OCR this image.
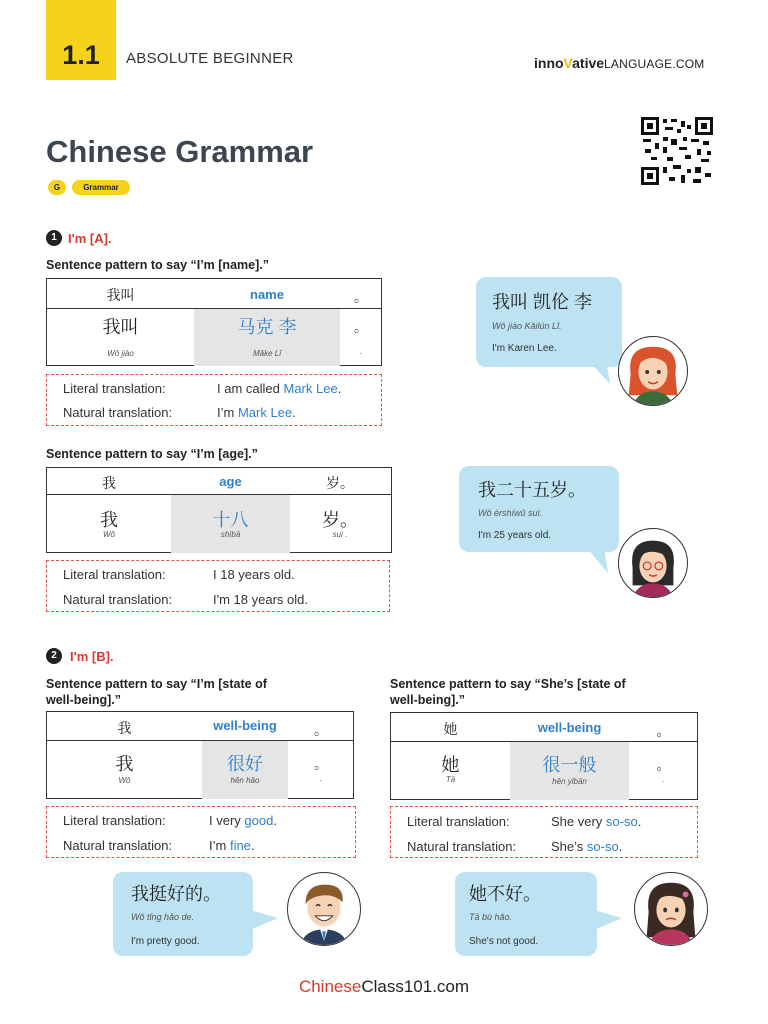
1.1	ABSOLUTE BEGINNER	innoVativeLANGUAGE.COM
Chinese Grammar
G	Grammar
1 I'm [A].
Sentence pattern to say “I’m [name].”
我叫	name	。
我叫	马克 李	。
Wǒ jiào	Mǎke Lǐ	.
Literal translation:	I am called Mark Lee.
Natural translation:	I’m Mark Lee.
我叫 凯伦 李
Wǒ jiào Kǎilún Lǐ.
I'm Karen Lee.
Sentence pattern to say “I’m [age].”
我	age	岁。
我	十八	岁。
Wǒ	shíbā	suì .
Literal translation:	I 18 years old.
Natural translation:	I'm 18 years old.
我二十五岁。
Wǒ èrshíwǔ suì.
I'm 25 years old.
2	I'm [B].
Sentence pattern to say “I’m [state of
well-being].”
我	well-being	。
我	很好	。
Wǒ	hěn hǎo	.
Literal translation:	I very good.
Natural translation:	I’m fine.
Sentence pattern to say “She’s [state of
well-being].”
她	well-being	。
她	很一般	。
Tā	hěn yībān	.
Literal translation:	She very so-so.
Natural translation:	She’s so-so.
我挺好的。
Wǒ tǐng hǎo de.
I'm pretty good.
她不好。
Tā bù hǎo.
She's not good.
ChineseClass101.com
